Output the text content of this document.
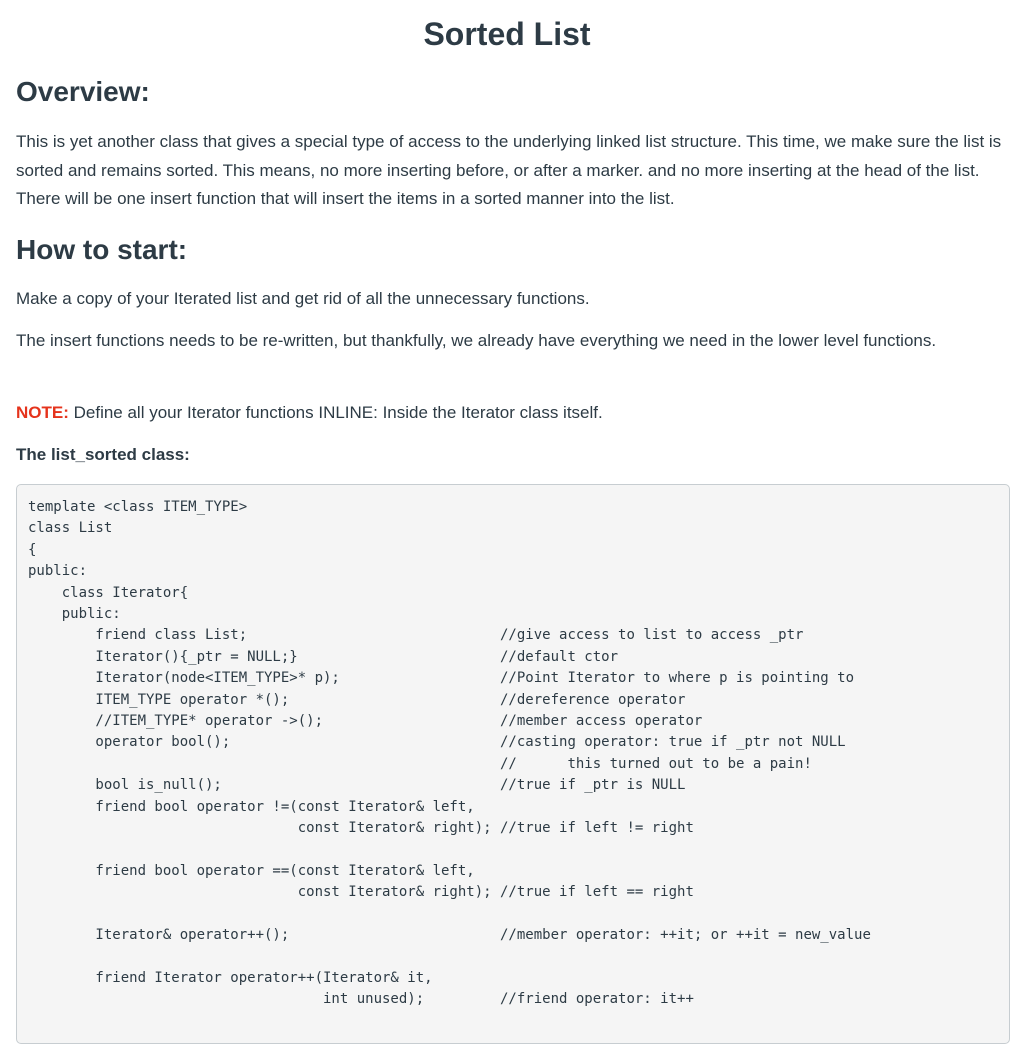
Sorted List
Overview:

This is yet another class that gives a special type of access to the underlying linked list structure. This time, we make sure the list is sorted and remains sorted. This means, no more inserting before, or after a marker. and no more inserting at the head of the list. There will be one insert function that will insert the items in a sorted manner into the list.

How to start:

Make a copy of your Iterated list and get rid of all the unnecessary functions.

The insert functions needs to be re-written, but thankfully, we already have everything we need in the lower level functions.

NOTE: Define all your Iterator functions INLINE: Inside the Iterator class itself.

The list_sorted class:

template <class ITEM_TYPE>
class List
{
public:
class Iterator{
public:
friend class List;                              //give access to list to access _ptr
Iterator(){_ptr = NULL;}                        //default ctor
Iterator(node<ITEM_TYPE>* p);                   //Point Iterator to where p is pointing to
ITEM_TYPE operator *();                         //dereference operator
//ITEM_TYPE* operator ->();                     //member access operator
operator bool();                                //casting operator: true if _ptr not NULL
//      this turned out to be a pain!
bool is_null();                                 //true if _ptr is NULL
friend bool operator !=(const Iterator& left,
const Iterator& right); //true if left != right

friend bool operator ==(const Iterator& left,
const Iterator& right); //true if left == right

Iterator& operator++();                         //member operator: ++it; or ++it = new_value

friend Iterator operator++(Iterator& it,
int unused);         //friend operator: it++
